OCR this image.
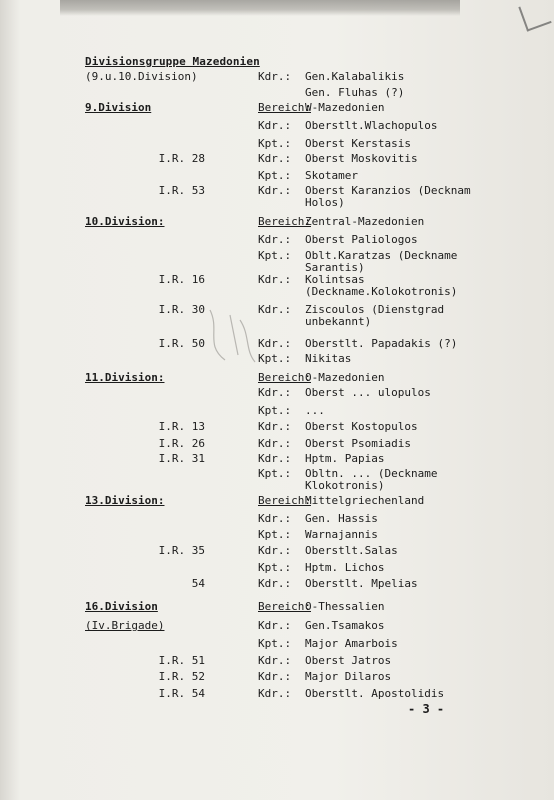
Divisionsgruppe Mazedonien
(9.u.10.Division)	Kdr.: Gen.Kalabalikis
Gen. Fluhas (?)
9.Division	Bereich:
W-Mazedonien
Kdr.: Oberstlt.Wlachopulos
Kpt.: Oberst Kerstasis
I.R. 28	Kdr.: Oberst Moskovitis
Kpt.: Skotamer
I.R. 53	Kdr.: Oberst Karanzios (Decknam Holos)
10.Division:	Bereich:
Zentral-Mazedonien
Kdr.: Oberst Paliologos
Kpt.: Oblt.Karatzas (Deckname Sarantis)
I.R. 16	Kdr.: Kolintsas (Deckname.Kolokotronis)
I.R. 30	Kdr.: Ziscoulos (Dienstgrad unbekannt)
I.R. 50	Kdr.: Oberstlt. Papadakis (?)
Kpt.: Nikitas
11.Division:	Bereich:
O-Mazedonien
Kdr.: Oberst ... ulopulos
Kpt.: ...
I.R. 13	Kdr.: Oberst Kostopulos
I.R. 26	Kdr.: Oberst Psomiadis
I.R. 31	Kdr.: Hptm. Papias
Kpt.: Obltn. ... (Deckname Klokotronis)
13.Division:	Bereich:
Mittelgriechenland
Kdr.: Gen. Hassis
Kpt.: Warnajannis
I.R. 35	Kdr.: Oberstlt.Salas
Kpt.: Hptm. Lichos
54	Kdr.: Oberstlt. Mpelias
16.Division	Bereich:
O-Thessalien
(Iv.Brigade)	Kdr.: Gen.Tsamakos
Kpt.: Major Amarbois
I.R. 51	Kdr.: Oberst Jatros
I.R. 52	Kdr.: Major Dilaros
I.R. 54	Kdr.: Oberstlt. Apostolidis
- 3 -
